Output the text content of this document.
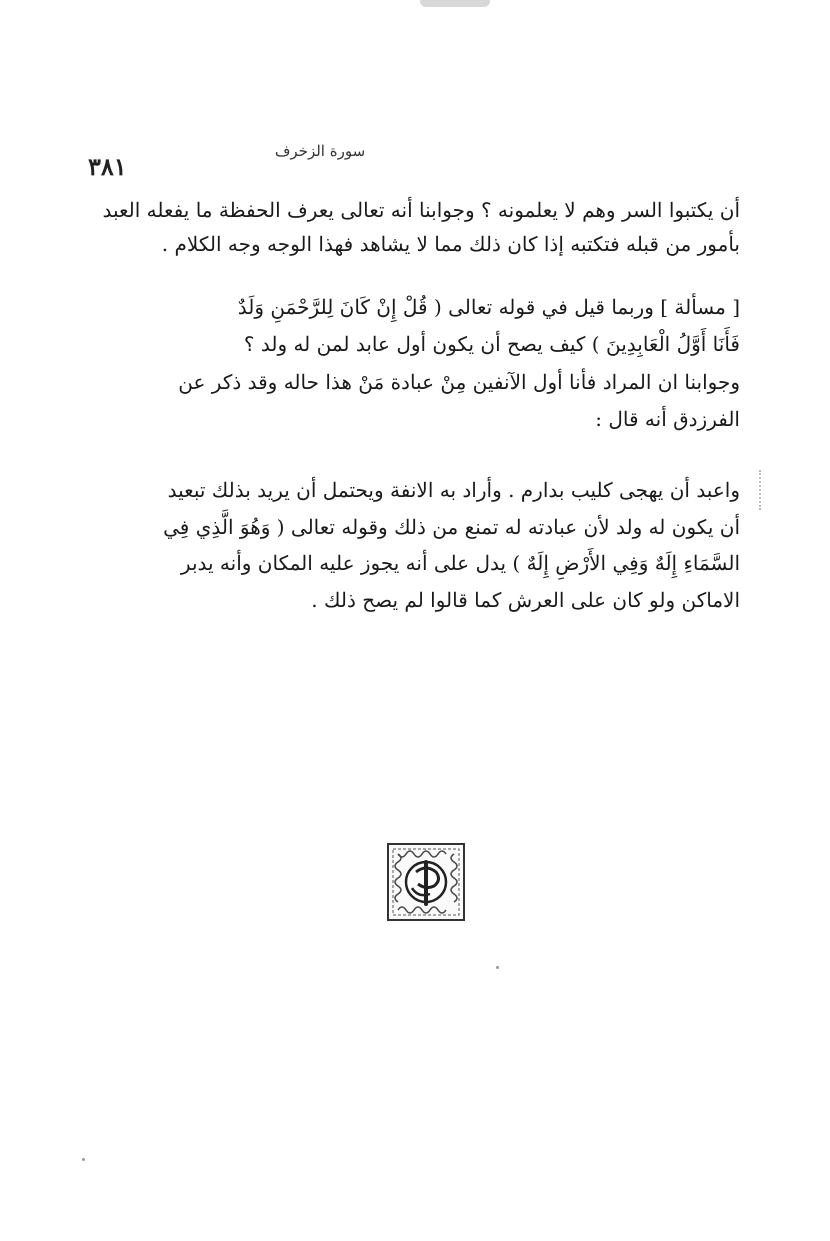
سورة الزخرف
٣٨١
أن يكتبوا السر وهم لا يعلمونه ؟ وجوابنا أنه تعالى يعرف الحفظة ما يفعله العبد
بأمور من قبله فتكتبه إذا كان ذلك مما لا يشاهد فهذا الوجه وجه الكلام .
[ مسألة ] وربما قيل في قوله تعالى ( قُلْ إِنْ كَانَ لِلرَّحْمَنِ وَلَدٌ
فَأَنَا أَوَّلُ الْعَابِدِينَ ) كيف يصح أن يكون أول عابد لمن له ولد ؟
وجوابنا ان المراد فأنا أول الآنفين مِنْ عبادة مَنْ هذا حاله وقد ذكر عن
الفرزدق أنه قال :
واعبد أن يهجى كليب بدارم . وأراد به الانفة ويحتمل أن يريد بذلك تبعيد
أن يكون له ولد لأن عبادته له تمنع من ذلك وقوله تعالى ( وَهُوَ الَّذِي فِي
السَّمَاءِ إِلَهٌ وَفِي الأَرْضِ إِلَهٌ ) يدل على أنه يجوز عليه المكان وأنه يدبر
الاماكن ولو كان على العرش كما قالوا لم يصح ذلك .
